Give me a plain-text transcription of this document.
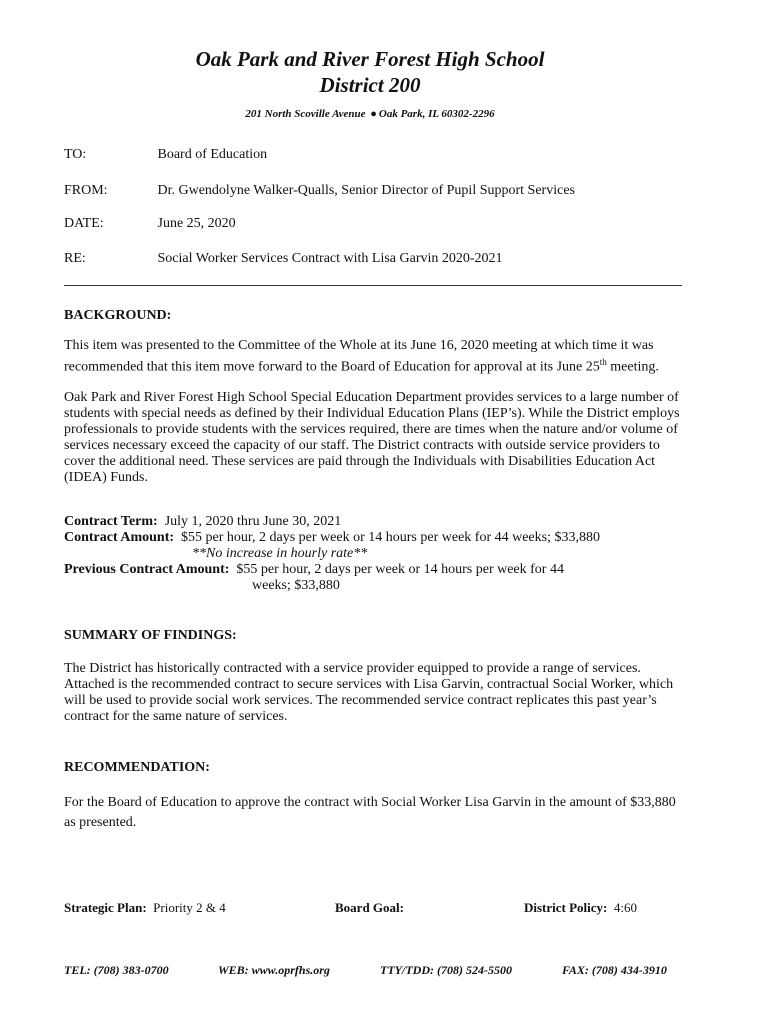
Oak Park and River Forest High School
District 200
201 North Scoville Avenue ● Oak Park, IL 60302-2296
TO:	Board of Education
FROM:	Dr. Gwendolyne Walker-Qualls, Senior Director of Pupil Support Services
DATE:	June 25, 2020
RE:	Social Worker Services Contract with Lisa Garvin 2020-2021
BACKGROUND:

This item was presented to the Committee of the Whole at its June 16, 2020 meeting at which time it was recommended that this item move forward to the Board of Education for approval at its June 25th meeting.

Oak Park and River Forest High School Special Education Department provides services to a large number of students with special needs as defined by their Individual Education Plans (IEP’s). While the District employs professionals to provide students with the services required, there are times when the nature and/or volume of services necessary exceed the capacity of our staff. The District contracts with outside service providers to cover the additional need. These services are paid through the Individuals with Disabilities Education Act (IDEA) Funds.

Contract Term: July 1, 2020 thru June 30, 2021
Contract Amount: $55 per hour, 2 days per week or 14 hours per week for 44 weeks; $33,880
**No increase in hourly rate**
Previous Contract Amount: $55 per hour, 2 days per week or 14 hours per week for 44
weeks; $33,880
SUMMARY OF FINDINGS:

The District has historically contracted with a service provider equipped to provide a range of services. Attached is the recommended contract to secure services with Lisa Garvin, contractual Social Worker, which will be used to provide social work services. The recommended service contract replicates this past year’s contract for the same nature of services.

RECOMMENDATION:

For the Board of Education to approve the contract with Social Worker Lisa Garvin in the amount of $33,880 as presented.

Strategic Plan: Priority 2 & 4	Board Goal:	District Policy: 4:60
TEL: (708) 383-0700	WEB: www.oprfhs.org	TTY/TDD: (708) 524-5500	FAX: (708) 434-3910
